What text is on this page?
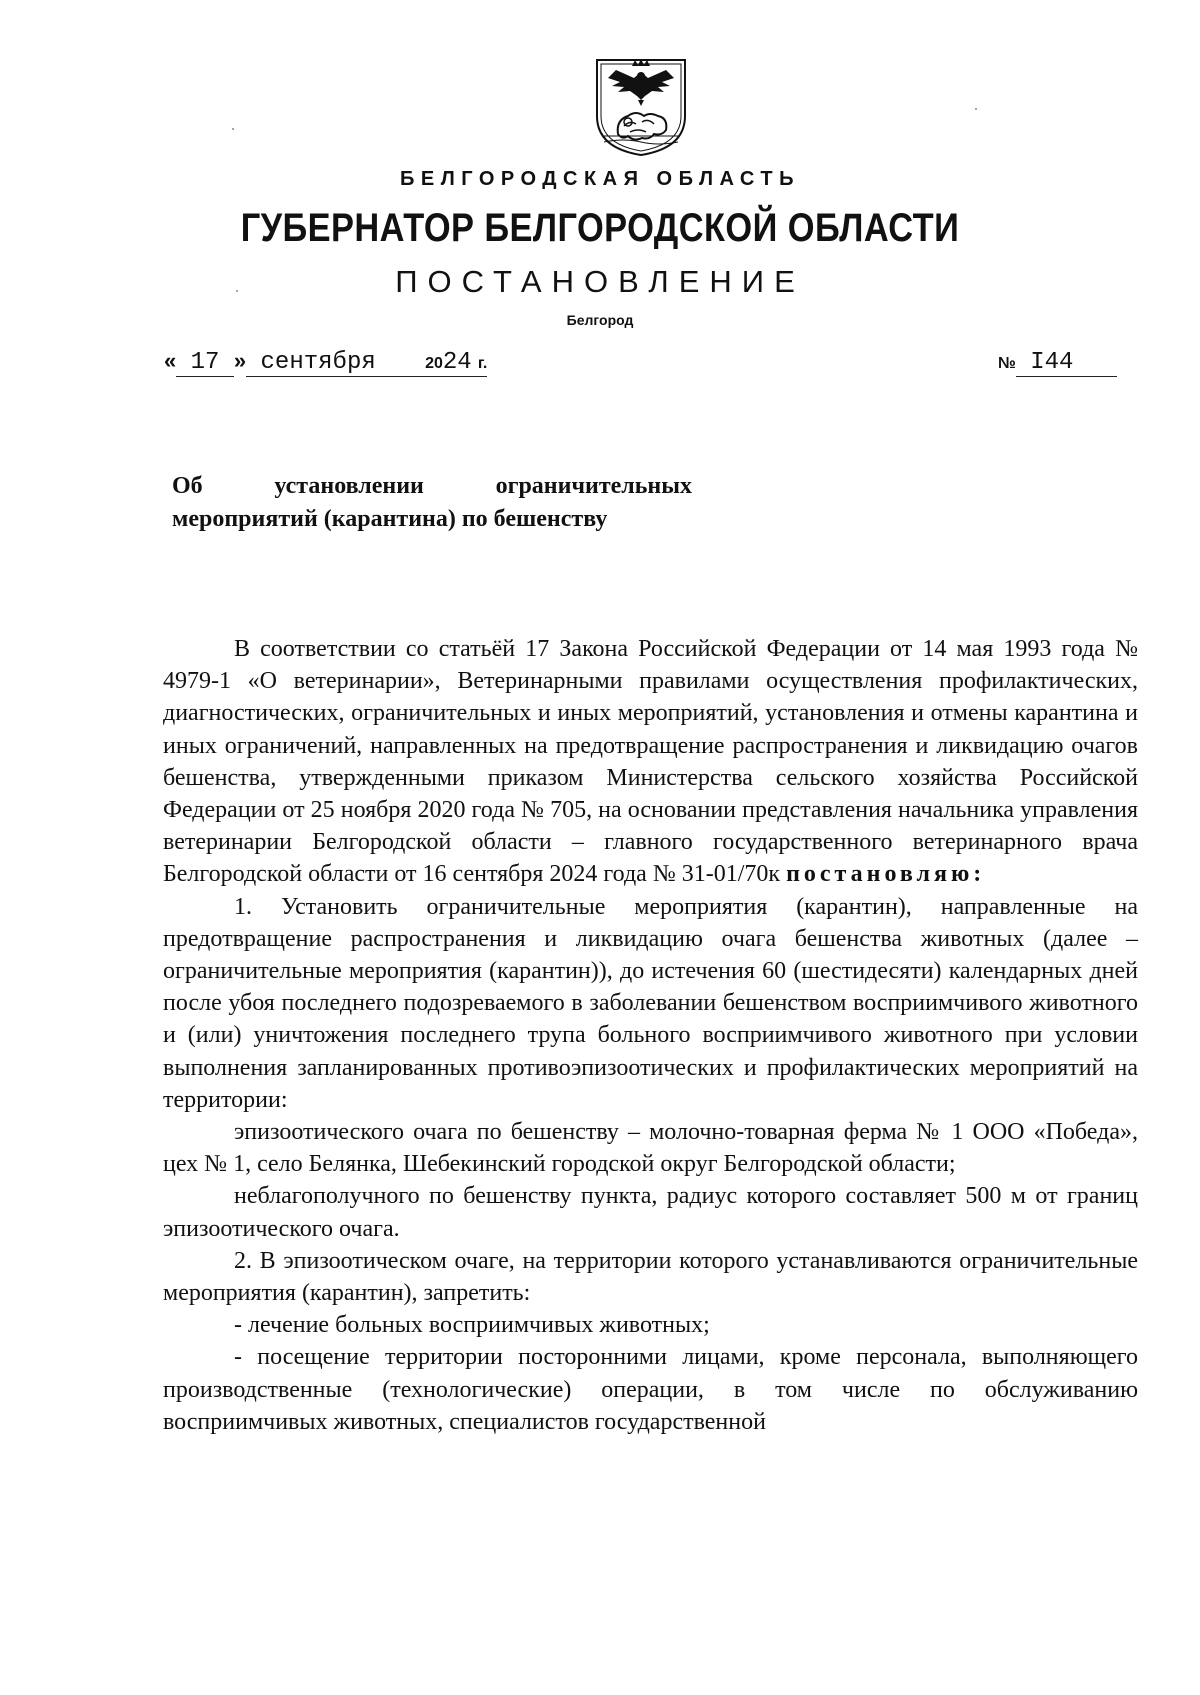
БЕЛГОРОДСКАЯ ОБЛАСТЬ
ГУБЕРНАТОР БЕЛГОРОДСКОЙ ОБЛАСТИ
ПОСТАНОВЛЕНИЕ
Белгород
« 17 » сентября	2024 г.	№ I44
Об установлении ограничительных
мероприятий (карантина) по бешенству

В соответствии со статьёй 17 Закона Российской Федерации от 14 мая 1993 года № 4979-1 «О ветеринарии», Ветеринарными правилами осуществления профилактических, диагностических, ограничительных и иных мероприятий, установления и отмены карантина и иных ограничений, направленных на предотвращение распространения и ликвидацию очагов бешенства, утвержденными приказом Министерства сельского хозяйства Российской Федерации от 25 ноября 2020 года № 705, на основании представления начальника управления ветеринарии Белгородской области – главного государственного ветеринарного врача Белгородской области от 16 сентября 2024 года № 31-01/70к постановляю:

1. Установить ограничительные мероприятия (карантин), направленные на предотвращение распространения и ликвидацию очага бешенства животных (далее – ограничительные мероприятия (карантин)), до истечения 60 (шестидесяти) календарных дней после убоя последнего подозреваемого в заболевании бешенством восприимчивого животного и (или) уничтожения последнего трупа больного восприимчивого животного при условии выполнения запланированных противоэпизоотических и профилактических мероприятий на территории:

эпизоотического очага по бешенству – молочно-товарная ферма № 1 ООО «Победа», цех № 1, село Белянка, Шебекинский городской округ Белгородской области;

неблагополучного по бешенству пункта, радиус которого составляет 500 м от границ эпизоотического очага.

2. В эпизоотическом очаге, на территории которого устанавливаются ограничительные мероприятия (карантин), запретить:

- лечение больных восприимчивых животных;

- посещение территории посторонними лицами, кроме персонала, выполняющего производственные (технологические) операции, в том числе по обслуживанию восприимчивых животных, специалистов государственной
